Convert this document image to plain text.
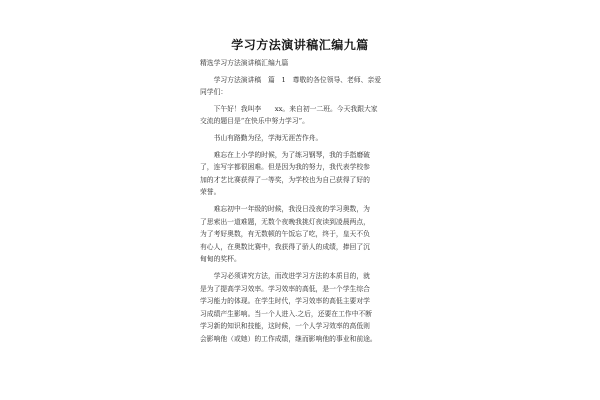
学习方法演讲稿汇编九篇

精选学习方法演讲稿汇编九篇

　　学习方法演讲稿　篇　1　尊敬的各位领导、老师、亲爱
同学们：

　　下午好！我叫李　　xx。来自初一二班。今天我跟大家
交流的题目是“在快乐中努力学习”。

　　书山有路勤为径，学海无涯苦作舟。

　　难忘在上小学的时候，为了练习钢琴，我的手指磨破
了，连写字都很困难。但是因为我的努力，我代表学校参
加的才艺比赛获得了一等奖，为学校也为自己获得了好的
荣誉。

　　难忘初中一年级的时候，我没日没夜的学习奥数，为
了思索出一道难题，无数个夜晚我挑灯夜读到凌晨两点，
为了考好奥数，有无数顿的午饭忘了吃，终于，皇天不负
有心人，在奥数比赛中，我获得了骄人的成绩，捧回了沉
甸甸的奖杯。

　　学习必须讲究方法，而改进学习方法的本质目的，就
是为了提高学习效率。学习效率的高低，是一个学生综合
学习能力的体现。在学生时代，学习效率的高低主要对学
习成绩产生影响。当一个人进入.之后，还要在工作中不断
学习新的知识和技能，这时候，一个人学习效率的高低则
会影响他（或她）的工作成绩，继而影响他的事业和前途。
